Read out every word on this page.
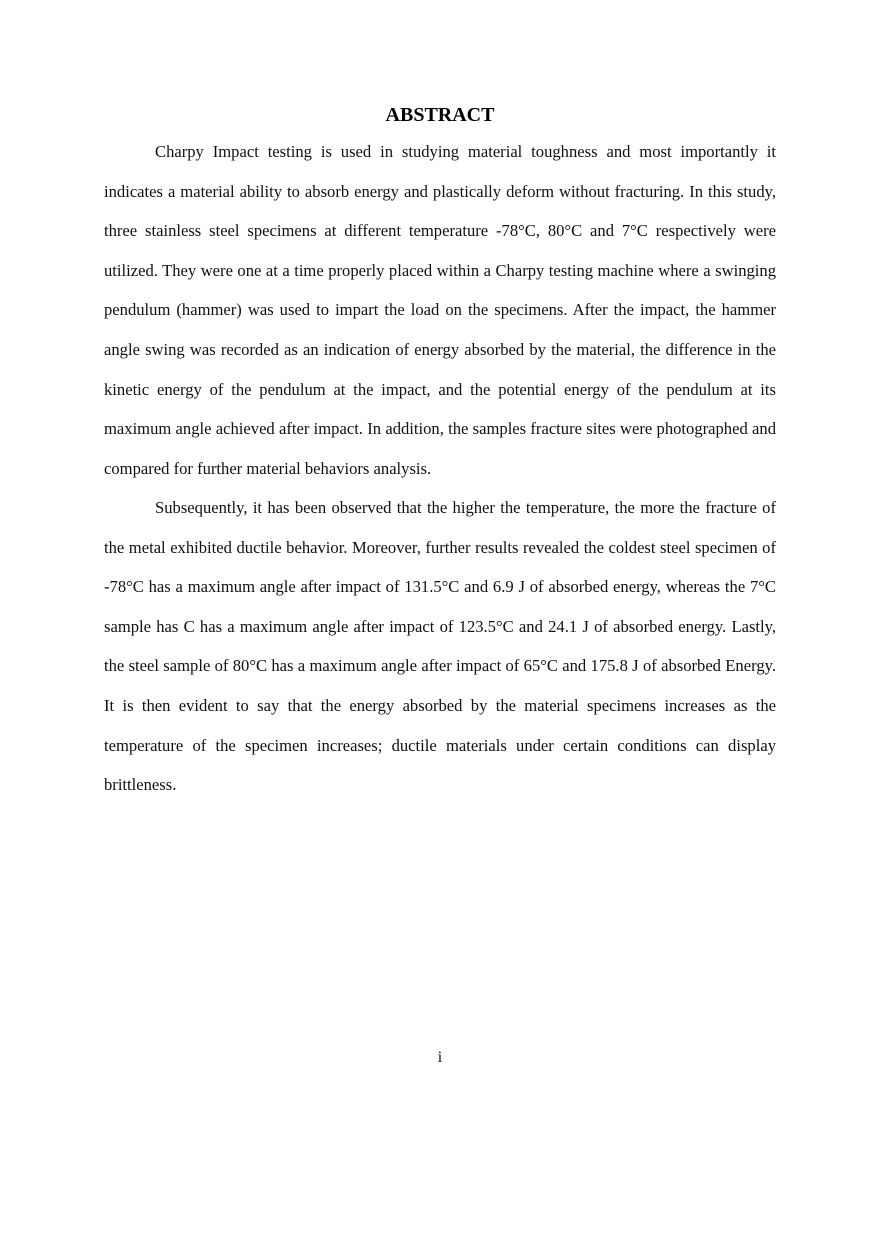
ABSTRACT

Charpy Impact testing is used in studying material toughness and most importantly it indicates a material ability to absorb energy and plastically deform without fracturing. In this study, three stainless steel specimens at different temperature -78°C, 80°C and 7°C respectively were utilized. They were one at a time properly placed within a Charpy testing machine where a swinging pendulum (hammer) was used to impart the load on the specimens. After the impact, the hammer angle swing was recorded as an indication of energy absorbed by the material, the difference in the kinetic energy of the pendulum at the impact, and the potential energy of the pendulum at its maximum angle achieved after impact. In addition, the samples fracture sites were photographed and compared for further material behaviors analysis.

Subsequently, it has been observed that the higher the temperature, the more the fracture of the metal exhibited ductile behavior. Moreover, further results revealed the coldest steel specimen of -78°C has a maximum angle after impact of 131.5°C and 6.9 J of absorbed energy, whereas the 7°C sample has C has a maximum angle after impact of 123.5°C and 24.1 J of absorbed energy. Lastly, the steel sample of 80°C has a maximum angle after impact of 65°C and 175.8 J of absorbed Energy. It is then evident to say that the energy absorbed by the material specimens increases as the temperature of the specimen increases; ductile materials under certain conditions can display brittleness.

i
